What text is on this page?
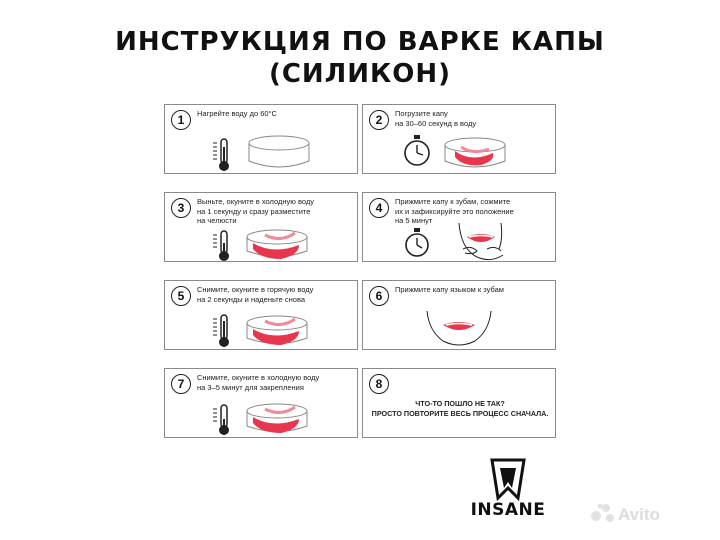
ИНСТРУКЦИЯ ПО ВАРКЕ КАПЫ
(СИЛИКОН)
1	Нагрейте воду до 60°C	2	Погрузите капу
на 30–60 секунд в воду
3	Выньте, окуните в холодную воду
на 1 секунду и сразу разместите
на челюсти
4	Прижмите капу к зубам, сожмите
их и зафиксируйте это положение
на 5 минут
5	Снимите, окуните в горячую воду
на 2 секунды и наденьте снова	6	Прижмите капу языком к зубам
7	Снимите, окуните в холодную воду
на 3–5 минут для закрепления	8
ЧТО-ТО ПОШЛО НЕ ТАК?
ПРОСТО ПОВТОРИТЕ ВЕСЬ ПРОЦЕСС СНАЧАЛА.
INSANE	Avito
